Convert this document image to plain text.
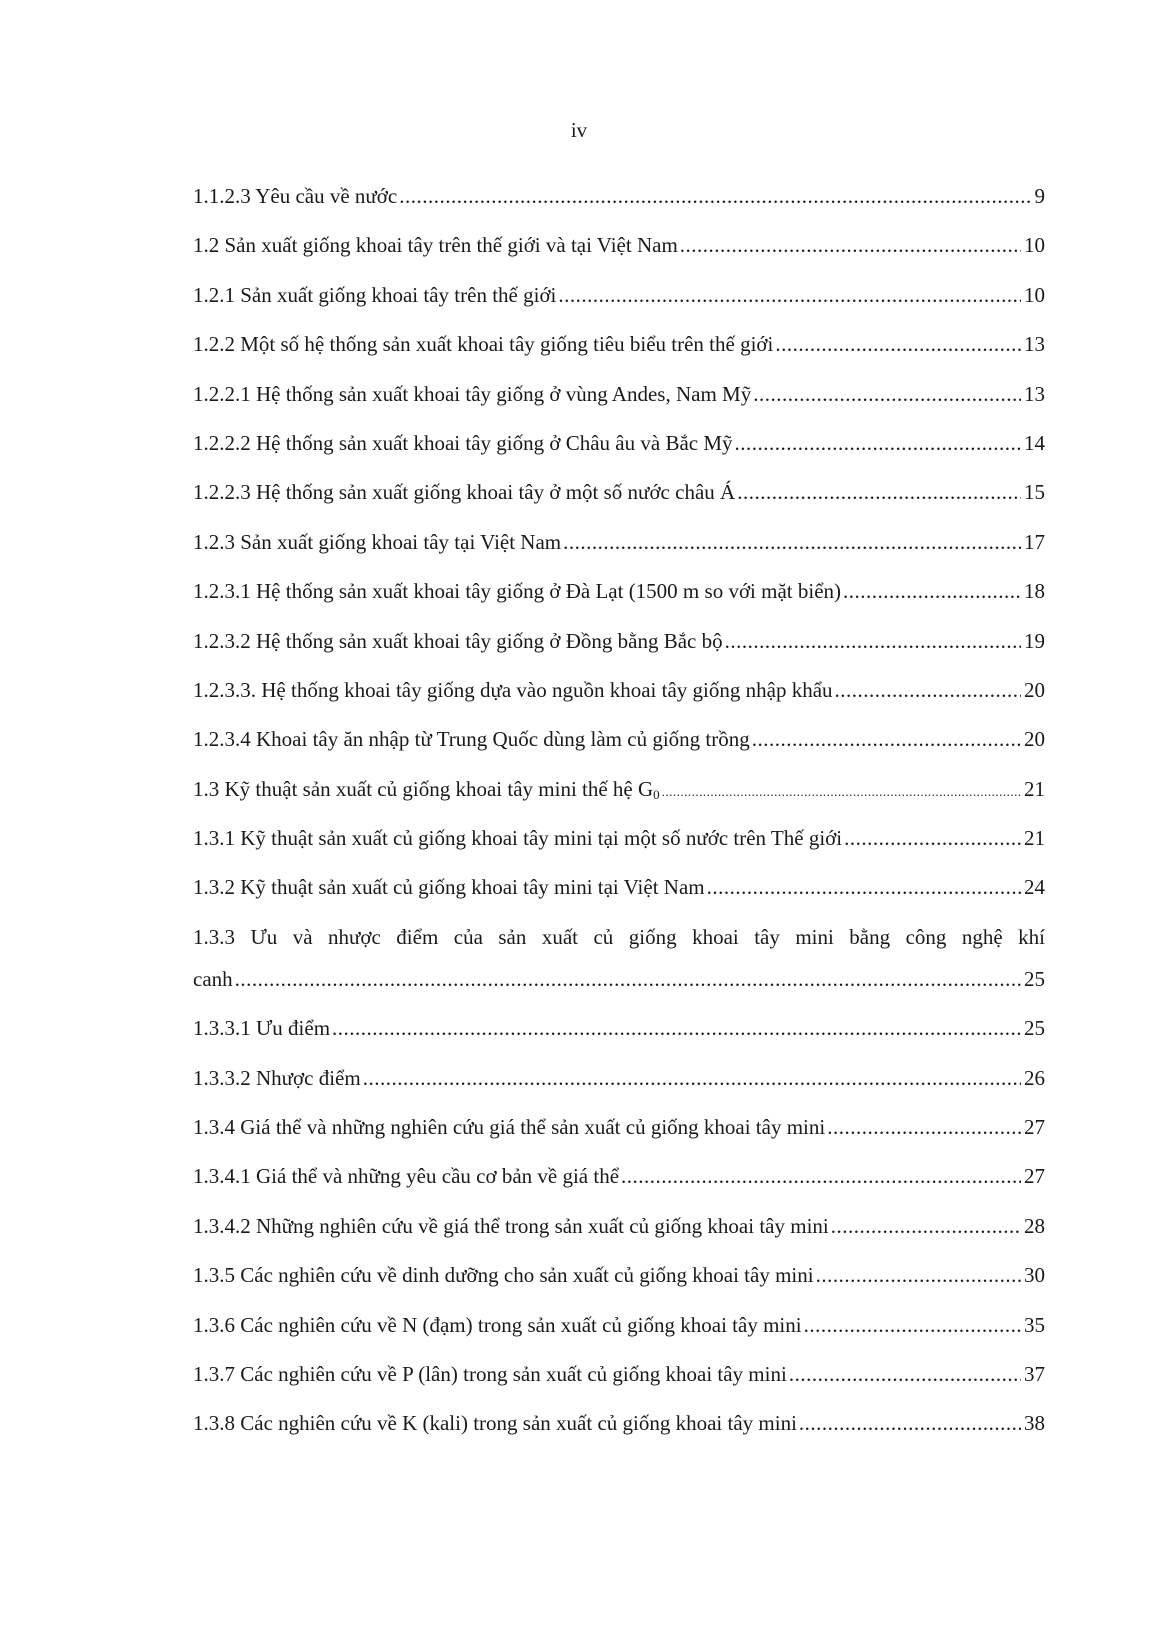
iv
1.1.2.3 Yêu cầu về nước .....	9
1.2 Sản xuất giống khoai tây trên thế giới và tại Việt Nam .....	10
1.2.1 Sản xuất giống khoai tây trên thế giới .....	10
1.2.2 Một số hệ thống sản xuất khoai tây giống tiêu biểu trên thế giới .....	13
1.2.2.1 Hệ thống sản xuất khoai tây giống ở vùng Andes, Nam Mỹ .....	13
1.2.2.2 Hệ thống sản xuất khoai tây giống ở Châu âu và Bắc Mỹ .....	14
1.2.2.3 Hệ thống sản xuất giống khoai tây ở một số nước châu Á .....	15
1.2.3 Sản xuất giống khoai tây tại Việt Nam .....	17
1.2.3.1 Hệ thống sản xuất khoai tây giống ở Đà Lạt (1500 m so với mặt biển) .....	18
1.2.3.2 Hệ thống sản xuất khoai tây giống ở Đồng bằng Bắc bộ .....	19
1.2.3.3. Hệ thống khoai tây giống dựa vào nguồn khoai tây giống nhập khẩu .....	20
1.2.3.4 Khoai tây ăn nhập từ Trung Quốc dùng làm củ giống trồng .....	20
1.3 Kỹ thuật sản xuất củ giống khoai tây mini thế hệ $G_0$ .....	21
1.3.1 Kỹ thuật sản xuất củ giống khoai tây mini tại một số nước trên Thế giới .....	21
1.3.2 Kỹ thuật sản xuất củ giống khoai tây mini tại Việt Nam .....	24
1.3.3 Ưu và nhược điểm của sản xuất củ giống khoai tây mini bằng công nghệ khí
canh .....	25
1.3.3.1 Ưu điểm .....	25
1.3.3.2 Nhược điểm .....	26
1.3.4 Giá thể và những nghiên cứu giá thể sản xuất củ giống khoai tây mini .....	27
1.3.4.1 Giá thể và những yêu cầu cơ bản về giá thể .....	27
1.3.4.2 Những nghiên cứu về giá thể trong sản xuất củ giống khoai tây mini .....	28
1.3.5 Các nghiên cứu về dinh dưỡng cho sản xuất củ giống khoai tây mini .....	30
1.3.6 Các nghiên cứu về N (đạm) trong sản xuất củ giống khoai tây mini .....	35
1.3.7 Các nghiên cứu về P (lân) trong sản xuất củ giống khoai tây mini .....	37
1.3.8 Các nghiên cứu về K (kali) trong sản xuất củ giống khoai tây mini .....	38
